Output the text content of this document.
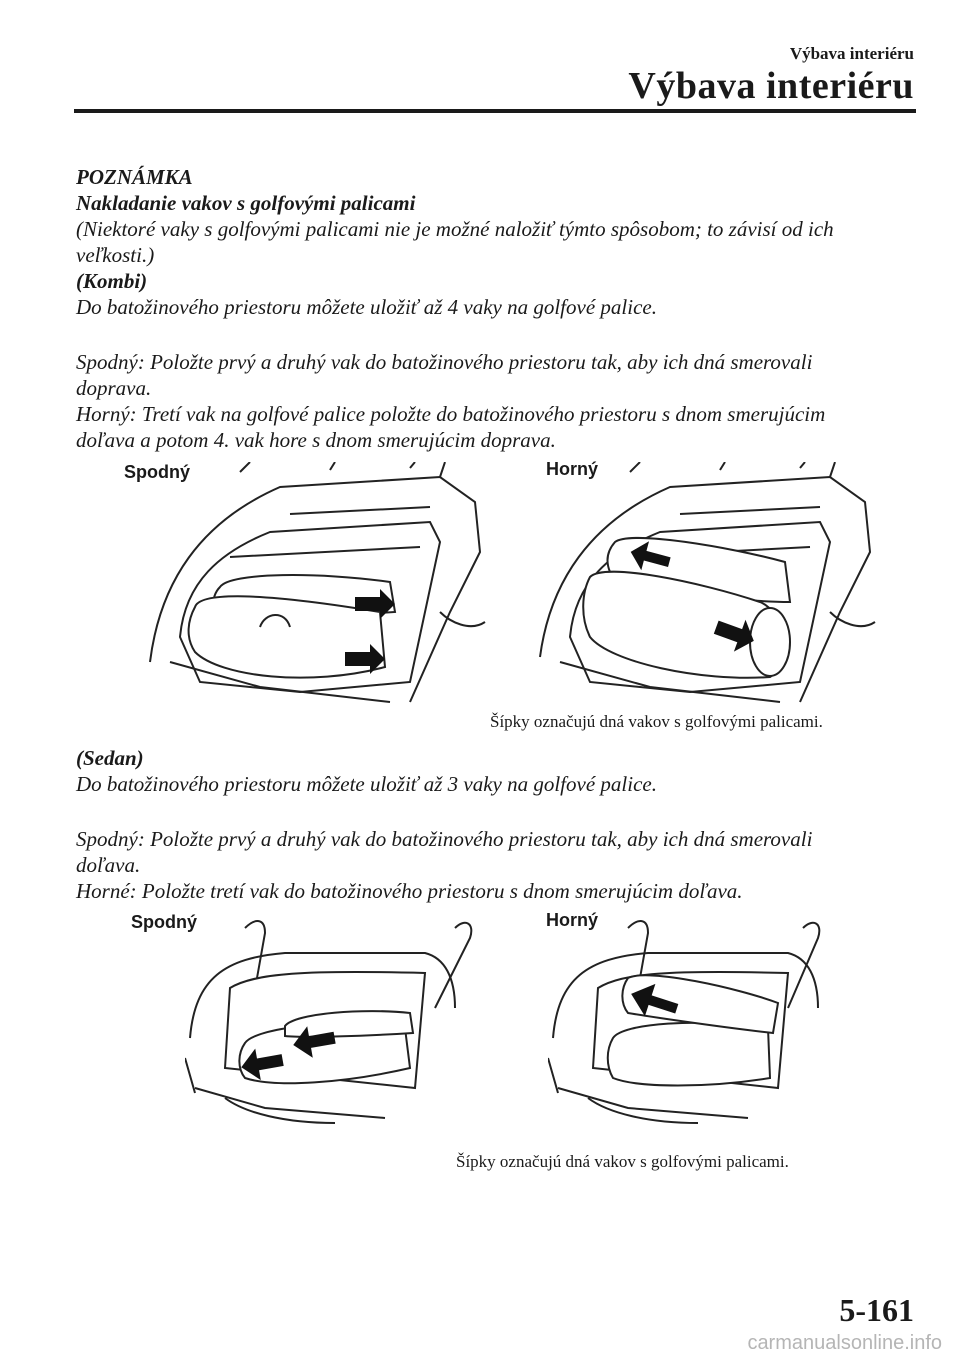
Výbava interiéru
Výbava interiéru
POZNÁMKA
Nakladanie vakov s golfovými palicami
(Niektoré vaky s golfovými palicami nie je možné naložiť týmto spôsobom; to závisí od ich
veľkosti.)
(Kombi)
Do batožinového priestoru môžete uložiť až 4 vaky na golfové palice.
Spodný: Položte prvý a druhý vak do batožinového priestoru tak, aby ich dná smerovali
doprava.
Horný: Tretí vak na golfové palice položte do batožinového priestoru s dnom smerujúcim
doľava a potom 4. vak hore s dnom smerujúcim doprava.
Spodný	Horný
Šípky označujú dná vakov s golfovými palicami.
(Sedan)
Do batožinového priestoru môžete uložiť až 3 vaky na golfové palice.
Spodný: Položte prvý a druhý vak do batožinového priestoru tak, aby ich dná smerovali
doľava.
Horné: Položte tretí vak do batožinového priestoru s dnom smerujúcim doľava.
Spodný	Horný
Šípky označujú dná vakov s golfovými palicami.
5-161
carmanualsonline.info
